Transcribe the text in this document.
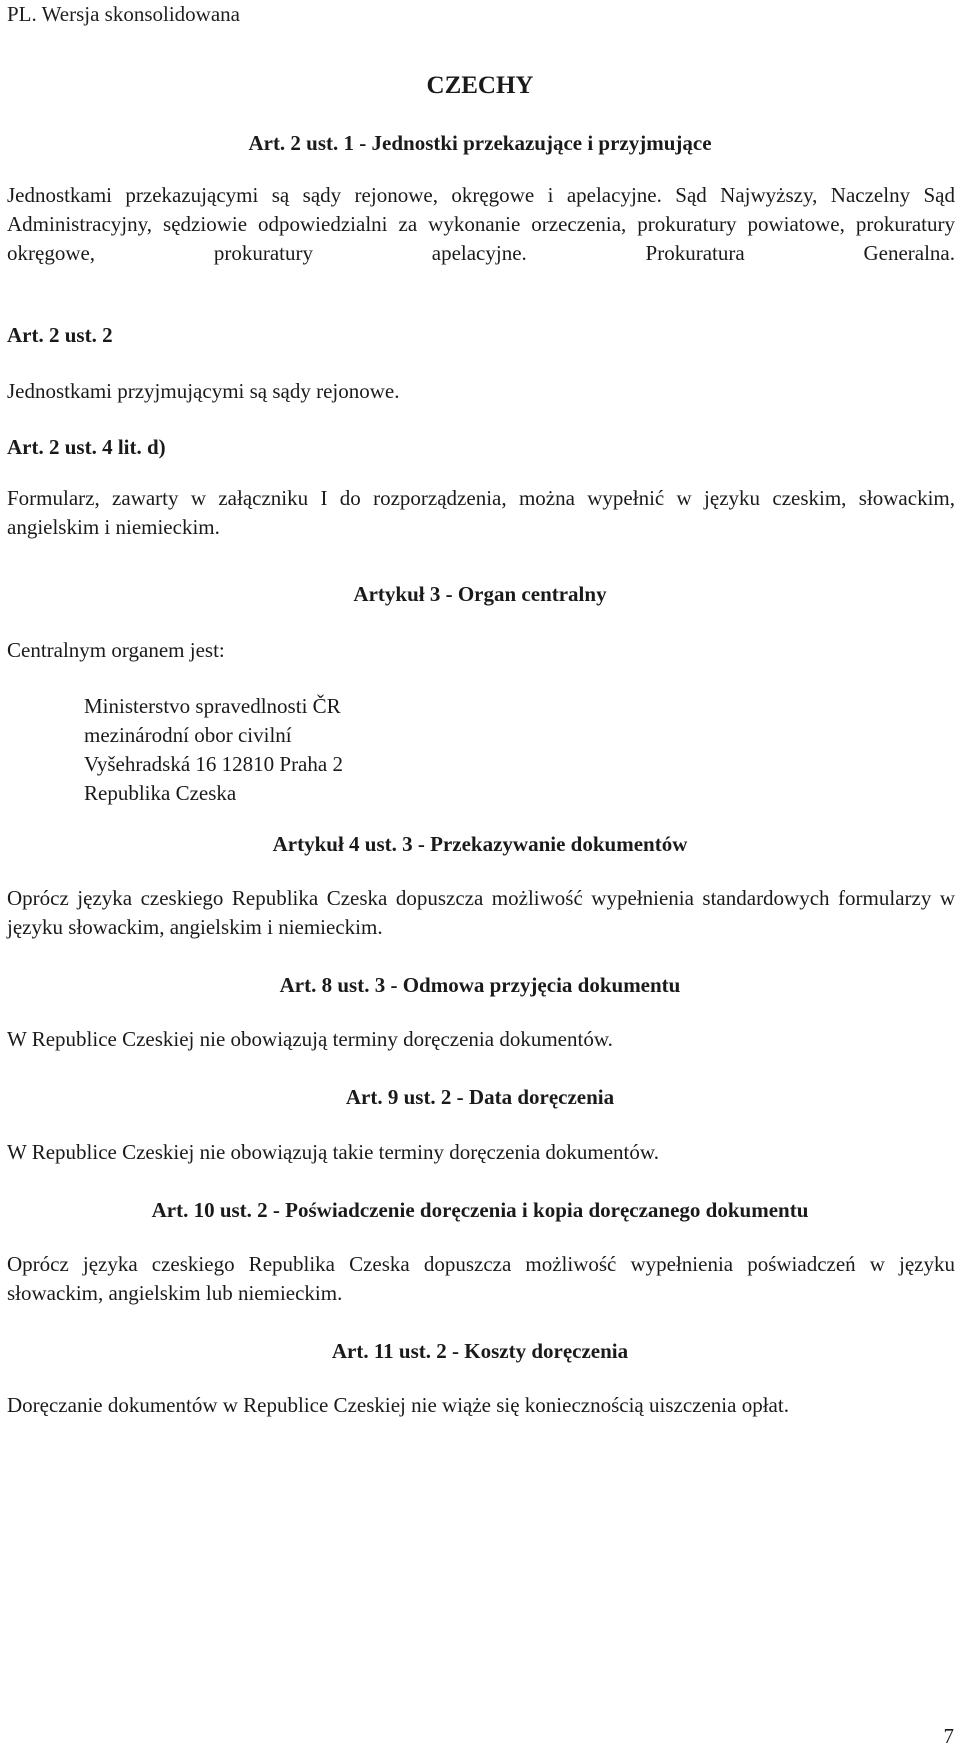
PL. Wersja skonsolidowana
CZECHY
Art. 2 ust. 1 - Jednostki przekazujące i przyjmujące
Jednostkami przekazującymi są sądy rejonowe, okręgowe i apelacyjne. Sąd Najwyższy, Naczelny Sąd Administracyjny, sędziowie odpowiedzialni za wykonanie orzeczenia, prokuratury powiatowe, prokuratury okręgowe, prokuratury apelacyjne. Prokuratura Generalna.
Art. 2 ust. 2
Jednostkami przyjmującymi są sądy rejonowe.
Art. 2 ust. 4 lit. d)
Formularz, zawarty w załączniku I do rozporządzenia, można wypełnić w języku czeskim, słowackim, angielskim i niemieckim.
Artykuł 3 - Organ centralny
Centralnym organem jest:
Ministerstvo spravedlnosti ČR
mezinárodní obor civilní
Vyšehradská 16 12810 Praha 2
Republika Czeska
Artykuł 4 ust. 3 - Przekazywanie dokumentów
Oprócz języka czeskiego Republika Czeska dopuszcza możliwość wypełnienia standardowych formularzy w języku słowackim, angielskim i niemieckim.
Art. 8 ust. 3 - Odmowa przyjęcia dokumentu
W Republice Czeskiej nie obowiązują terminy doręczenia dokumentów.
Art. 9 ust. 2 - Data doręczenia
W Republice Czeskiej nie obowiązują takie terminy doręczenia dokumentów.
Art. 10 ust. 2 - Poświadczenie doręczenia i kopia doręczanego dokumentu
Oprócz języka czeskiego Republika Czeska dopuszcza możliwość wypełnienia poświadczeń w języku słowackim, angielskim lub niemieckim.
Art. 11 ust. 2 - Koszty doręczenia
Doręczanie dokumentów w Republice Czeskiej nie wiąże się koniecznością uiszczenia opłat.
7
